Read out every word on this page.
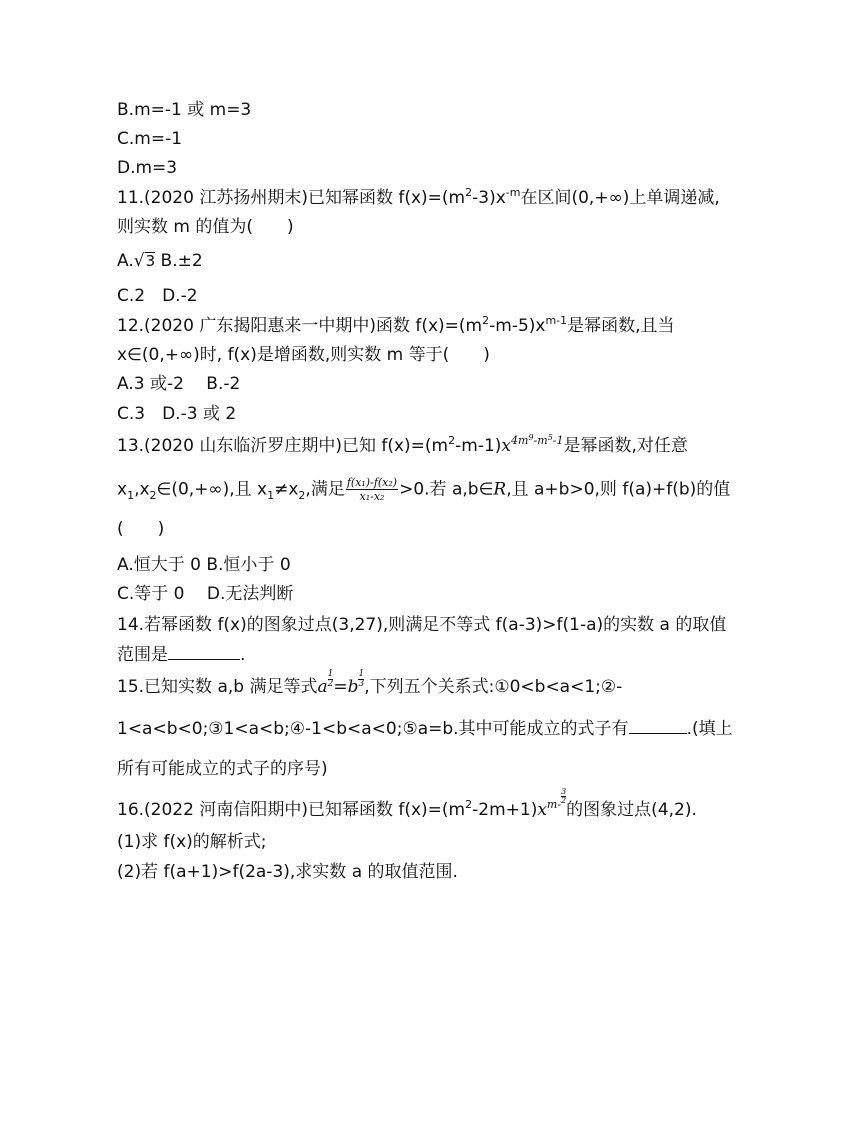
B.m=-1 或 m=3
C.m=-1
D.m=3
11.(2020 江苏扬州期末)已知幂函数 $f(x)=(m^2-3)x^{-m}$在区间(0,+∞)上单调递减,
则实数 m 的值为(　　)
A.√3 B.±2
C.2　D.-2
12.(2020 广东揭阳惠来一中期中)函数 $f(x)=(m^2-m-5)x^{m-1}$是幂函数,且当
x∈(0,+∞)时, f(x)是增函数,则实数 m 等于(　　)
A.3 或-2　 B.-2
C.3　D.-3 或 2
13.(2020 山东临沂罗庄期中)已知 $f(x)=(m^2-m-1)x^{4m^9-m^5-1}$是幂函数,对任意
$x_1,x_2\in(0,+\infty)$,且 $x_1\ne x_2$,满足 $\frac{\text{f(x₁)-f(x₂)}}{\text{x₁-x₂}} >0$.若 a,b∈R,且 a+b>0,则 f(a)+f(b)的值
(　　)
A.恒大于 0 B.恒小于 0
C.等于 0　 D.无法判断
14.若幂函数 f(x)的图象过点(3,27),则满足不等式 f(a-3)>f(1-a)的实数 a 的取值
范围是	.
15.已知实数 a,b 满足等式a $\frac{1}{2} =b \frac{1}{3}$ ,下列五个关系式:①0<b<a<1;②-
1<a<b<0;③1<a<b;④-1<b<a<0;⑤a=b.其中可能成立的式子有	.(填上
所有可能成立的式子的序号)
16.(2022 河南信阳期中)已知幂函数 $f(x)=(m^2-2m+1)x^{m- \frac{3}{2}}$
的图象过点(4,2).
(1)求 f(x)的解析式;
(2)若 f(a+1)>f(2a-3),求实数 a 的取值范围.
